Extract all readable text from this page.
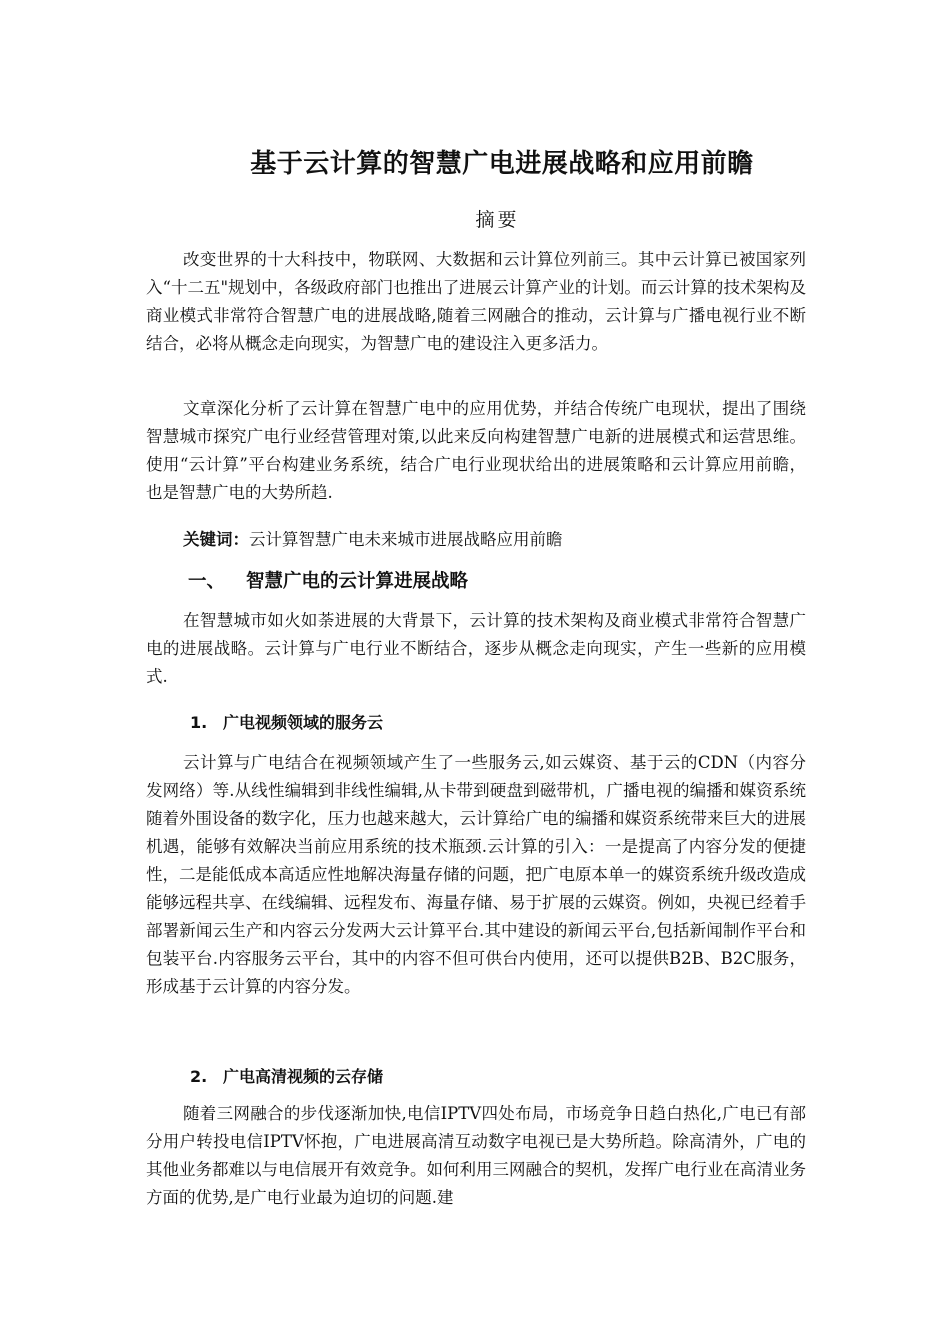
基于云计算的智慧广电进展战略和应用前瞻
摘要

改变世界的十大科技中，物联网、大数据和云计算位列前三。其中云计算已被国家列入“十二五"规划中，各级政府部门也推出了进展云计算产业的计划。而云计算的技术架构及商业模式非常符合智慧广电的进展战略,随着三网融合的推动，云计算与广播电视行业不断结合，必将从概念走向现实，为智慧广电的建设注入更多活力。

文章深化分析了云计算在智慧广电中的应用优势，并结合传统广电现状，提出了围绕智慧城市探究广电行业经营管理对策,以此来反向构建智慧广电新的进展模式和运营思维。使用“云计算”平台构建业务系统，结合广电行业现状给出的进展策略和云计算应用前瞻，也是智慧广电的大势所趋.

关键词：云计算智慧广电未来城市进展战略应用前瞻
一、 智慧广电的云计算进展战略

在智慧城市如火如荼进展的大背景下，云计算的技术架构及商业模式非常符合智慧广电的进展战略。云计算与广电行业不断结合，逐步从概念走向现实，产生一些新的应用模式.

1. 广电视频领域的服务云

云计算与广电结合在视频领域产生了一些服务云,如云媒资、基于云的CDN（内容分发网络）等.从线性编辑到非线性编辑,从卡带到硬盘到磁带机，广播电视的编播和媒资系统随着外围设备的数字化，压力也越来越大，云计算给广电的编播和媒资系统带来巨大的进展机遇，能够有效解决当前应用系统的技术瓶颈.云计算的引入：一是提高了内容分发的便捷性，二是能低成本高适应性地解决海量存储的问题，把广电原本单一的媒资系统升级改造成能够远程共享、在线编辑、远程发布、海量存储、易于扩展的云媒资。例如，央视已经着手部署新闻云生产和内容云分发两大云计算平台.其中建设的新闻云平台,包括新闻制作平台和包装平台.内容服务云平台，其中的内容不但可供台内使用，还可以提供B2B、B2C服务，形成基于云计算的内容分发。

2. 广电高清视频的云存储

随着三网融合的步伐逐渐加快,电信IPTV四处布局，市场竞争日趋白热化,广电已有部分用户转投电信IPTV怀抱，广电进展高清互动数字电视已是大势所趋。除高清外，广电的其他业务都难以与电信展开有效竞争。如何利用三网融合的契机，发挥广电行业在高清业务方面的优势,是广电行业最为迫切的问题.建
